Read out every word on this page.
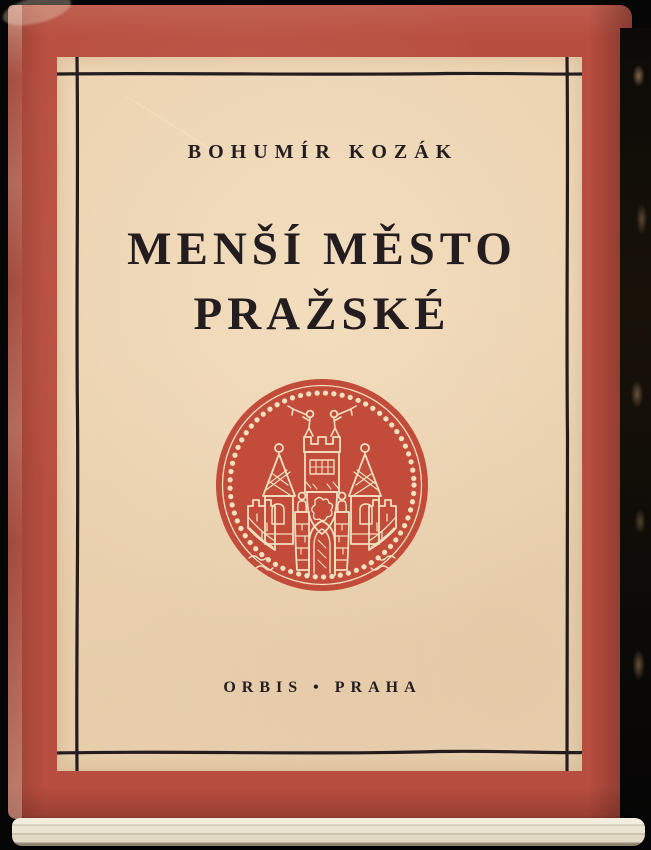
BOHUMÍR KOZÁK
MENŠÍ MĚSTO
PRAŽSKÉ
ORBIS • PRAHA
